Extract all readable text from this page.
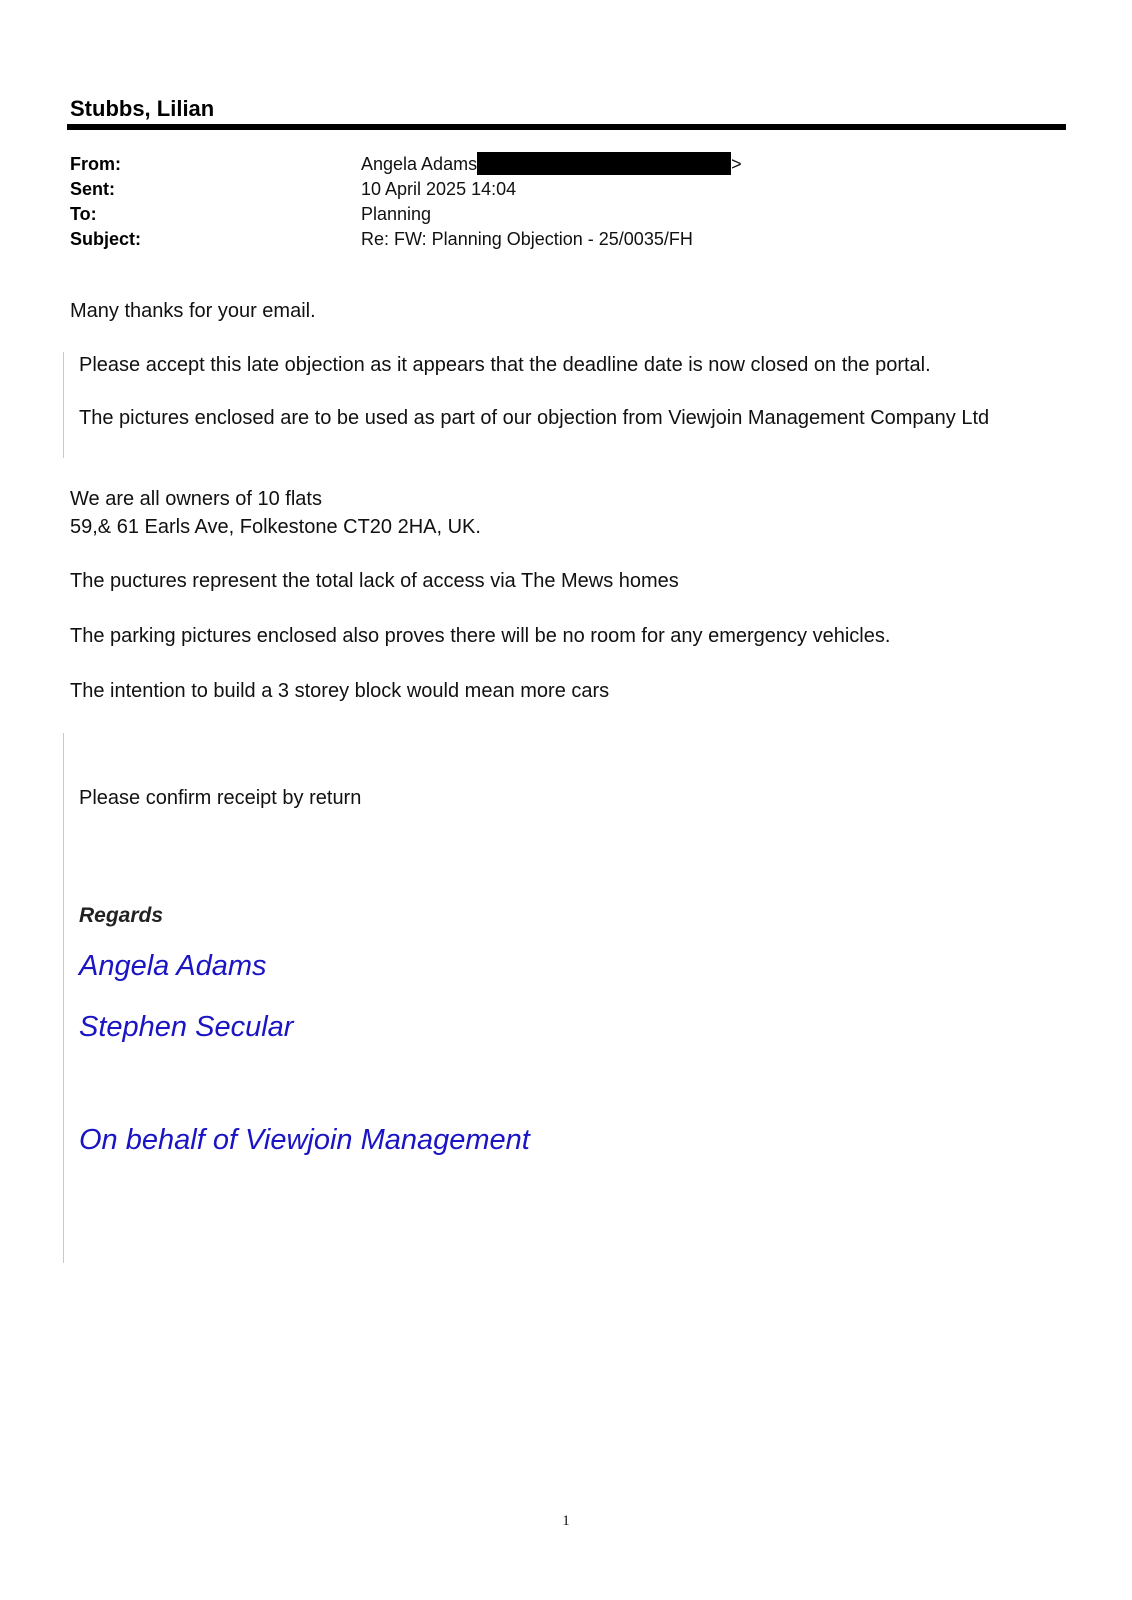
Stubbs, Lilian
From:	Angela Adams	>
Sent:	10 April 2025 14:04
To:	Planning
Subject:	Re: FW: Planning Objection - 25/0035/FH
Many thanks for your email.
Please accept this late objection as it appears that the deadline date is now closed on the portal.
The pictures enclosed are to be used as part of our objection from Viewjoin Management Company Ltd
We are all owners of 10 flats
59,& 61 Earls Ave, Folkestone CT20 2HA, UK.
The puctures represent the total lack of access via The Mews homes
The parking pictures enclosed also proves there will be no room for any emergency vehicles.
The intention to build a 3 storey block would mean more cars
Please confirm receipt by return
Regards
Angela Adams
Stephen Secular
On behalf of Viewjoin Management
1
